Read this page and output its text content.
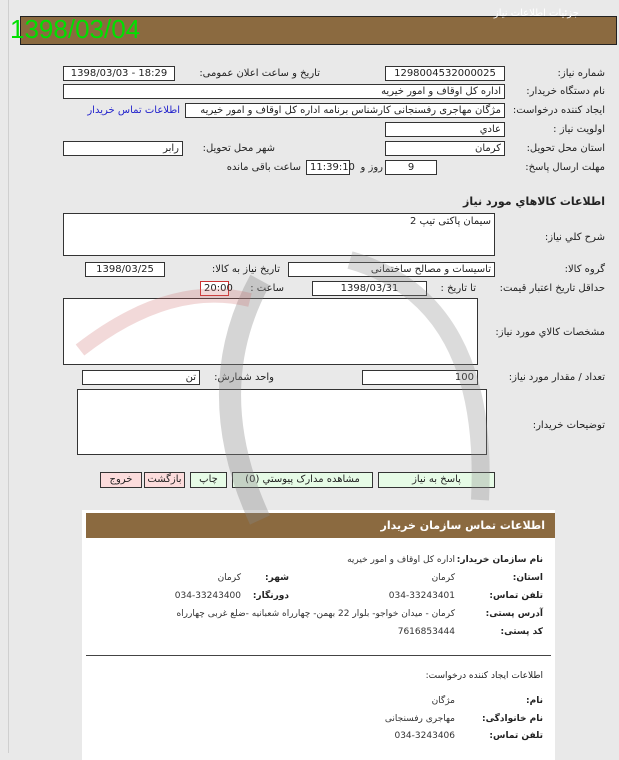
جزئیات اطلاعات نیاز
1398/03/04
شماره نیاز:
1298004532000025
تاریخ و ساعت اعلان عمومی:
1398/03/03 - 18:29
نام دستگاه خریدار:
اداره کل اوقاف و امور خیریه
ایجاد کننده درخواست:
مژگان مهاجری رفسنجانی کارشناس برنامه اداره کل اوقاف و امور خیریه
اطلاعات تماس خریدار
اولویت نیاز :
عادي
استان محل تحویل:
کرمان
شهر محل تحویل:
رابر
مهلت ارسال پاسخ:
9
روز و
11:39:10
ساعت باقی مانده
اطلاعات کالاهاي مورد نیاز
شرح کلي نیاز:
سیمان پاکتی تیپ 2
گروه کالا:
تاسیسات و مصالح ساختمانی
تاریخ نیاز به کالا:
1398/03/25
حداقل تاریخ اعتبار قیمت:
تا تاریخ :
1398/03/31
ساعت :
20:00
مشخصات کالاي مورد نیاز:
تعداد / مقدار مورد نیاز:
100
واحد شمارش:
تن
توضیحات خریدار:
پاسخ به نیاز
مشاهده مدارک پیوستي (0)
چاپ
بازگشت
خروج
اطلاعات تماس سازمان خریدار
نام سازمان خریدار:
اداره کل اوقاف و امور خیریه
استان:
کرمان
شهر:
کرمان
تلفن تماس:
034-33243401
دورنگار:
034-33243400
آدرس پستی:
کرمان - میدان خواجو- بلوار 22 بهمن- چهارراه شعبانیه -ضلع غربی چهارراه
کد پستی:
7616853444
اطلاعات ایجاد کننده درخواست:
نام:
مژگان
نام خانوادگی:
مهاجری رفسنجانی
تلفن تماس:
034-3243406
